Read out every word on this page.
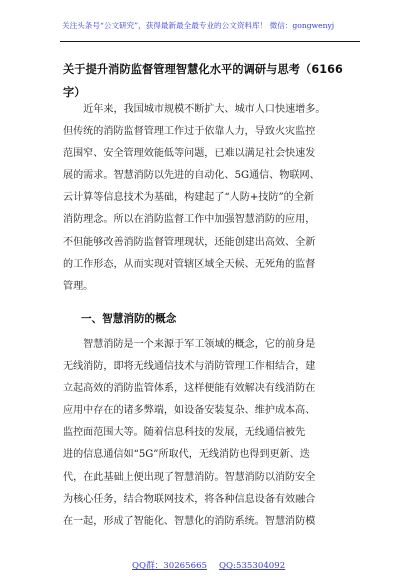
关注头条号“公文研究”，获得最新最全最专业的公文资料库！ 微信：gongwenyj
关于提升消防监督管理智慧化水平的调研与思考（6166字）
　　近年来，我国城市规模不断扩大、城市人口快速增多。
但传统的消防监督管理工作过于依靠人力，导致火灾监控
范围窄、安全管理效能低等问题，已难以满足社会快速发
展的需求。智慧消防以先进的自动化、5G通信、物联网、
云计算等信息技术为基础，构建起了“人防+技防”的全新
消防理念。所以在消防监督工作中加强智慧消防的应用，
不但能够改善消防监督管理现状，还能创建出高效、全新
的工作形态，从而实现对管辖区域全天候、无死角的监督
管理。
一、智慧消防的概念
　　智慧消防是一个来源于军工领域的概念，它的前身是
无线消防，即将无线通信技术与消防管理工作相结合，建
立起高效的消防监管体系，这样便能有效解决有线消防在
应用中存在的诸多弊端，如设备安装复杂、维护成本高、
监控面范围大等。随着信息科技的发展，无线通信被先
进的信息通信如“5G”所取代，无线消防也得到更新、迭
代，在此基础上便出现了智慧消防。智慧消防以消防安全
为核心任务，结合物联网技术，将各种信息设备有效融合
在一起，形成了智能化、智慧化的消防系统。智慧消防模
QQ群：30265665 QQ:535304092
